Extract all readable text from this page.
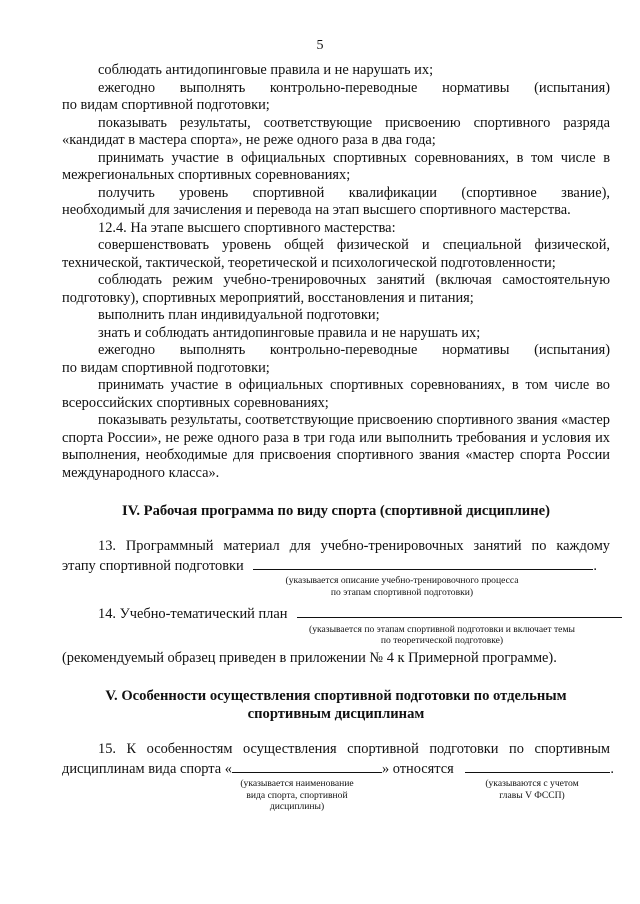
5

соблюдать антидопинговые правила и не нарушать их;

ежегодно выполнять контрольно-переводные нормативы (испытания)

по видам спортивной подготовки;

показывать результаты, соответствующие присвоению спортивного разряда «кандидат в мастера спорта», не реже одного раза в два года;

принимать участие в официальных спортивных соревнованиях, в том числе в межрегиональных спортивных соревнованиях;

получить уровень спортивной квалификации (спортивное звание),

необходимый для зачисления и перевода на этап высшего спортивного мастерства.

12.4. На этапе высшего спортивного мастерства:

совершенствовать уровень общей физической и специальной физической, технической, тактической, теоретической и психологической подготовленности;

соблюдать режим учебно-тренировочных занятий (включая самостоятельную подготовку), спортивных мероприятий, восстановления и питания;

выполнить план индивидуальной подготовки;

знать и соблюдать антидопинговые правила и не нарушать их;

ежегодно выполнять контрольно-переводные нормативы (испытания)

по видам спортивной подготовки;

принимать участие в официальных спортивных соревнованиях, в том числе во всероссийских спортивных соревнованиях;

показывать результаты, соответствующие присвоению спортивного звания «мастер спорта России», не реже одного раза в три года или выполнить требования и условия их выполнения, необходимые для присвоения спортивного звания «мастер спорта России международного класса».

IV. Рабочая программа по виду спорта (спортивной дисциплине)

13. Программный материал для учебно-тренировочных занятий по каждому

этапу спортивной подготовки	.

(указывается описание учебно-тренировочного процесса
по этапам спортивной подготовки)

14. Учебно-тематический план

(указывается по этапам спортивной подготовки и включает темы
по теоретической подготовке)

(рекомендуемый образец приведен в приложении № 4 к Примерной программе).

V. Особенности осуществления спортивной подготовки по отдельным

спортивным дисциплинам

15. К особенностям осуществления спортивной подготовки по спортивным

дисциплинам вида спорта «	» относятся	.

(указывается наименование
вида спорта, спортивной
дисциплины)

(указываются с учетом
главы V ФССП)
